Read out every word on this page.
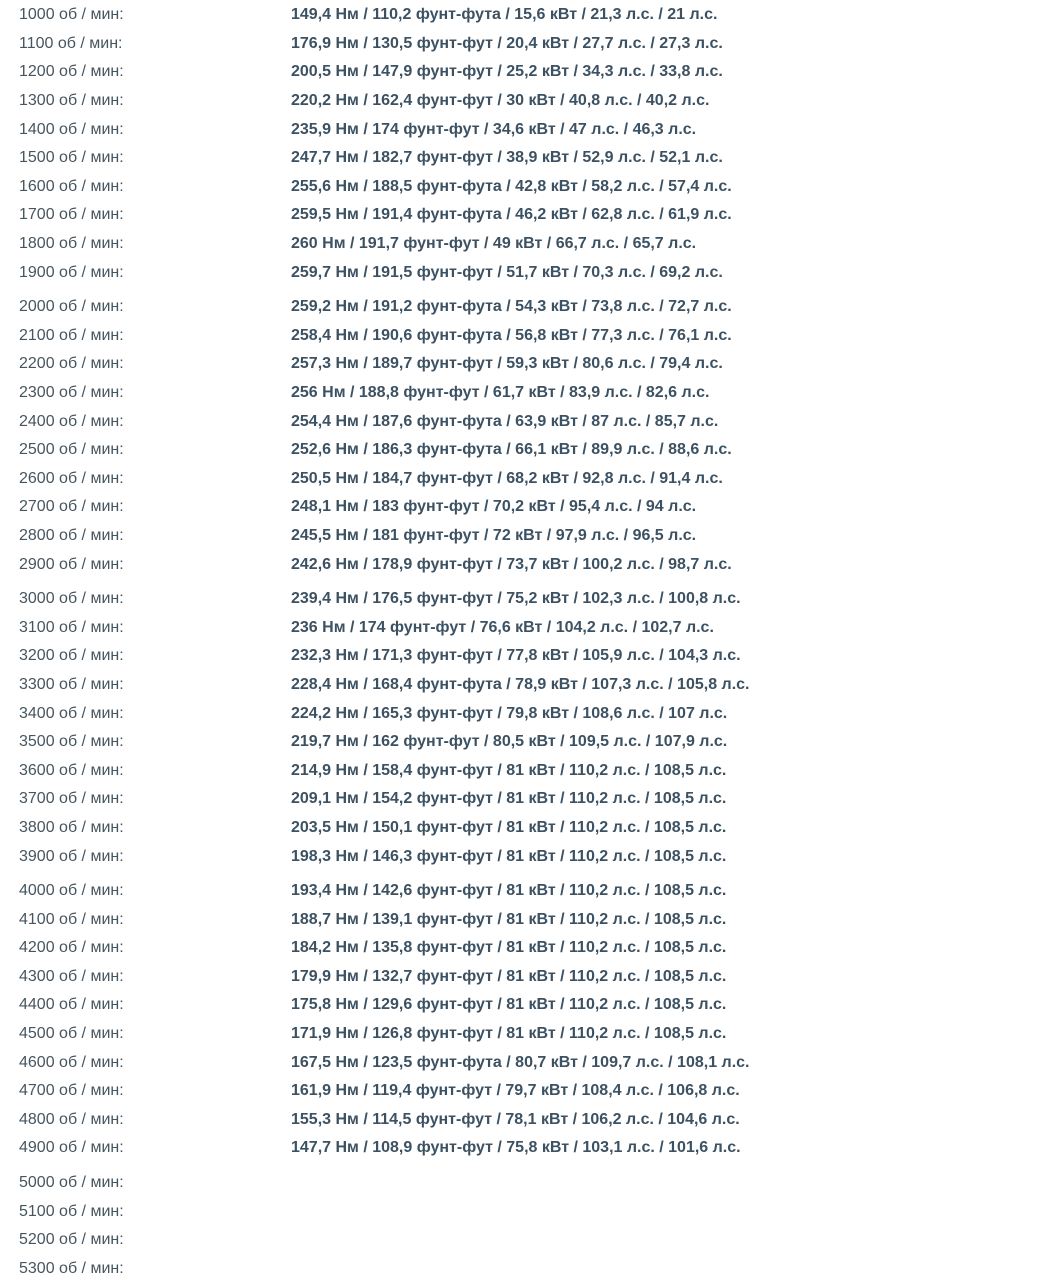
1000 об / мин:	149,4 Нм / 110,2 фунт-фута / 15,6 кВт / 21,3 л.с. / 21 л.с.
1100 об / мин:	176,9 Нм / 130,5 фунт-фут / 20,4 кВт / 27,7 л.с. / 27,3 л.с.
1200 об / мин:	200,5 Нм / 147,9 фунт-фут / 25,2 кВт / 34,3 л.с. / 33,8 л.с.
1300 об / мин:	220,2 Нм / 162,4 фунт-фут / 30 кВт / 40,8 л.с. / 40,2 л.с.
1400 об / мин:	235,9 Нм / 174 фунт-фут / 34,6 кВт / 47 л.с. / 46,3 л.с.
1500 об / мин:	247,7 Нм / 182,7 фунт-фут / 38,9 кВт / 52,9 л.с. / 52,1 л.с.
1600 об / мин:	255,6 Нм / 188,5 фунт-фута / 42,8 кВт / 58,2 л.с. / 57,4 л.с.
1700 об / мин:	259,5 Нм / 191,4 фунт-фута / 46,2 кВт / 62,8 л.с. / 61,9 л.с.
1800 об / мин:	260 Нм / 191,7 фунт-фут / 49 кВт / 66,7 л.с. / 65,7 л.с.
1900 об / мин:	259,7 Нм / 191,5 фунт-фут / 51,7 кВт / 70,3 л.с. / 69,2 л.с.
2000 об / мин:	259,2 Нм / 191,2 фунт-фута / 54,3 кВт / 73,8 л.с. / 72,7 л.с.
2100 об / мин:	258,4 Нм / 190,6 фунт-фута / 56,8 кВт / 77,3 л.с. / 76,1 л.с.
2200 об / мин:	257,3 Нм / 189,7 фунт-фут / 59,3 кВт / 80,6 л.с. / 79,4 л.с.
2300 об / мин:	256 Нм / 188,8 фунт-фут / 61,7 кВт / 83,9 л.с. / 82,6 л.с.
2400 об / мин:	254,4 Нм / 187,6 фунт-фута / 63,9 кВт / 87 л.с. / 85,7 л.с.
2500 об / мин:	252,6 Нм / 186,3 фунт-фута / 66,1 кВт / 89,9 л.с. / 88,6 л.с.
2600 об / мин:	250,5 Нм / 184,7 фунт-фут / 68,2 кВт / 92,8 л.с. / 91,4 л.с.
2700 об / мин:	248,1 Нм / 183 фунт-фут / 70,2 кВт / 95,4 л.с. / 94 л.с.
2800 об / мин:	245,5 Нм / 181 фунт-фут / 72 кВт / 97,9 л.с. / 96,5 л.с.
2900 об / мин:	242,6 Нм / 178,9 фунт-фут / 73,7 кВт / 100,2 л.с. / 98,7 л.с.
3000 об / мин:	239,4 Нм / 176,5 фунт-фут / 75,2 кВт / 102,3 л.с. / 100,8 л.с.
3100 об / мин:	236 Нм / 174 фунт-фут / 76,6 кВт / 104,2 л.с. / 102,7 л.с.
3200 об / мин:	232,3 Нм / 171,3 фунт-фут / 77,8 кВт / 105,9 л.с. / 104,3 л.с.
3300 об / мин:	228,4 Нм / 168,4 фунт-фута / 78,9 кВт / 107,3 л.с. / 105,8 л.с.
3400 об / мин:	224,2 Нм / 165,3 фунт-фут / 79,8 кВт / 108,6 л.с. / 107 л.с.
3500 об / мин:	219,7 Нм / 162 фунт-фут / 80,5 кВт / 109,5 л.с. / 107,9 л.с.
3600 об / мин:	214,9 Нм / 158,4 фунт-фут / 81 кВт / 110,2 л.с. / 108,5 л.с.
3700 об / мин:	209,1 Нм / 154,2 фунт-фут / 81 кВт / 110,2 л.с. / 108,5 л.с.
3800 об / мин:	203,5 Нм / 150,1 фунт-фут / 81 кВт / 110,2 л.с. / 108,5 л.с.
3900 об / мин:	198,3 Нм / 146,3 фунт-фут / 81 кВт / 110,2 л.с. / 108,5 л.с.
4000 об / мин:	193,4 Нм / 142,6 фунт-фут / 81 кВт / 110,2 л.с. / 108,5 л.с.
4100 об / мин:	188,7 Нм / 139,1 фунт-фут / 81 кВт / 110,2 л.с. / 108,5 л.с.
4200 об / мин:	184,2 Нм / 135,8 фунт-фут / 81 кВт / 110,2 л.с. / 108,5 л.с.
4300 об / мин:	179,9 Нм / 132,7 фунт-фут / 81 кВт / 110,2 л.с. / 108,5 л.с.
4400 об / мин:	175,8 Нм / 129,6 фунт-фут / 81 кВт / 110,2 л.с. / 108,5 л.с.
4500 об / мин:	171,9 Нм / 126,8 фунт-фут / 81 кВт / 110,2 л.с. / 108,5 л.с.
4600 об / мин:	167,5 Нм / 123,5 фунт-фута / 80,7 кВт / 109,7 л.с. / 108,1 л.с.
4700 об / мин:	161,9 Нм / 119,4 фунт-фут / 79,7 кВт / 108,4 л.с. / 106,8 л.с.
4800 об / мин:	155,3 Нм / 114,5 фунт-фут / 78,1 кВт / 106,2 л.с. / 104,6 л.с.
4900 об / мин:	147,7 Нм / 108,9 фунт-фут / 75,8 кВт / 103,1 л.с. / 101,6 л.с.
5000 об / мин:
5100 об / мин:
5200 об / мин:
5300 об / мин:
